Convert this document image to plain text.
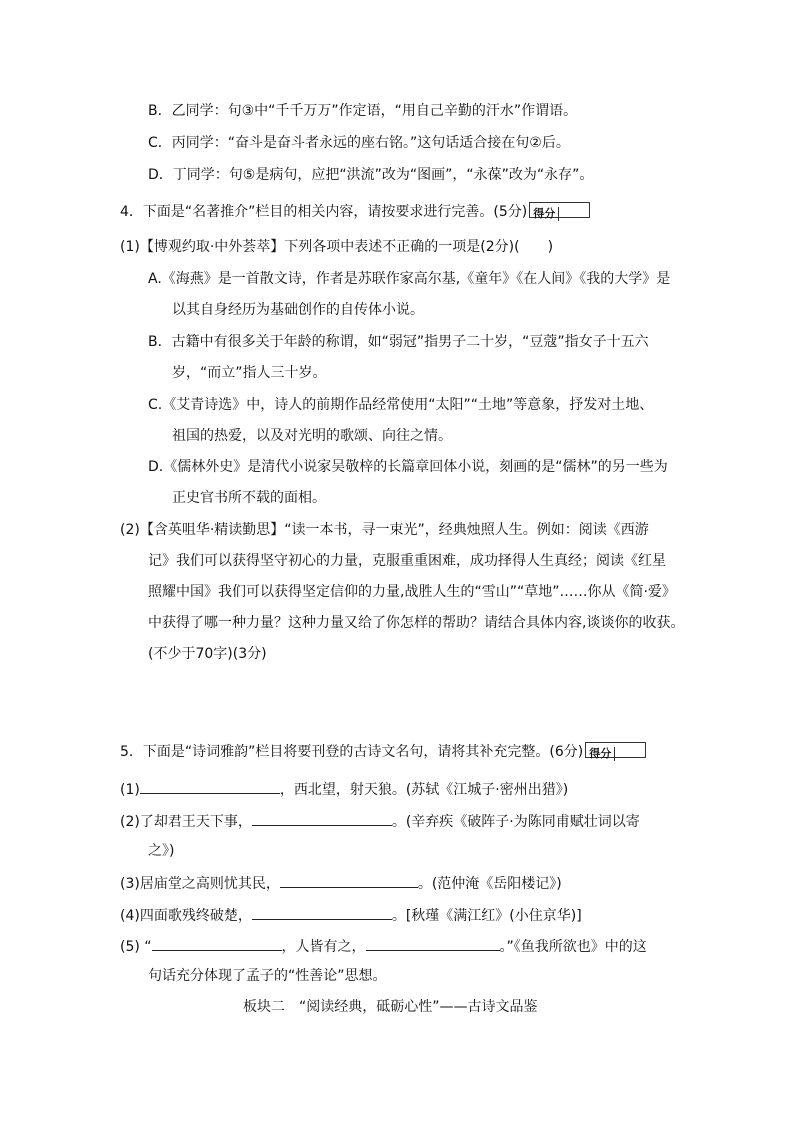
B．乙同学：句③中“千千万万”作定语，“用自己辛勤的汗水”作谓语。
C．丙同学：“奋斗是奋斗者永远的座右铭。”这句话适合接在句②后。
D．丁同学：句⑤是病句，应把“洪流”改为“图画”，“永葆”改为“永存”。
4．下面是“名著推介”栏目的相关内容，请按要求进行完善。(5分) 得分
(1)【博观约取·中外荟萃】下列各项中表述不正确的一项是(2分)(　　)
A.《海燕》是一首散文诗，作者是苏联作家高尔基,《童年》《在人间》《我的大学》是
以其自身经历为基础创作的自传体小说。
B．古籍中有很多关于年龄的称谓，如“弱冠”指男子二十岁，“豆蔻”指女子十五六
岁，“而立”指人三十岁。
C.《艾青诗选》中，诗人的前期作品经常使用“太阳”“土地”等意象，抒发对土地、
祖国的热爱，以及对光明的歌颂、向往之情。
D.《儒林外史》是清代小说家吴敬梓的长篇章回体小说，刻画的是“儒林”的另一些为
正史官书所不载的面相。
(2)【含英咀华·精读勤思】“读一本书，寻一束光”，经典烛照人生。例如：阅读《西游
记》我们可以获得坚守初心的力量，克服重重困难，成功择得人生真经；阅读《红星
照耀中国》我们可以获得坚定信仰的力量,战胜人生的“雪山”“草地”……你从《简·爱》
中获得了哪一种力量？这种力量又给了你怎样的帮助？请结合具体内容,谈谈你的收获。
(不少于70字)(3分)
5．下面是“诗词雅韵”栏目将要刊登的古诗文名句，请将其补充完整。(6分) 得分
(1)	，西北望，射天狼。(苏轼《江城子·密州出猎》)
(2)了却君王天下事，	。(辛弃疾《破阵子·为陈同甫赋壮词以寄
之》)
(3)居庙堂之高则忧其民，	。(范仲淹《岳阳楼记》)
(4)四面歌残终破楚，	。[秋瑾《满江红》(小住京华)]
(5) “	，人皆有之，	。”《鱼我所欲也》中的这
句话充分体现了孟子的“性善论”思想。
板块二　“阅读经典，砥砺心性”——古诗文品鉴
